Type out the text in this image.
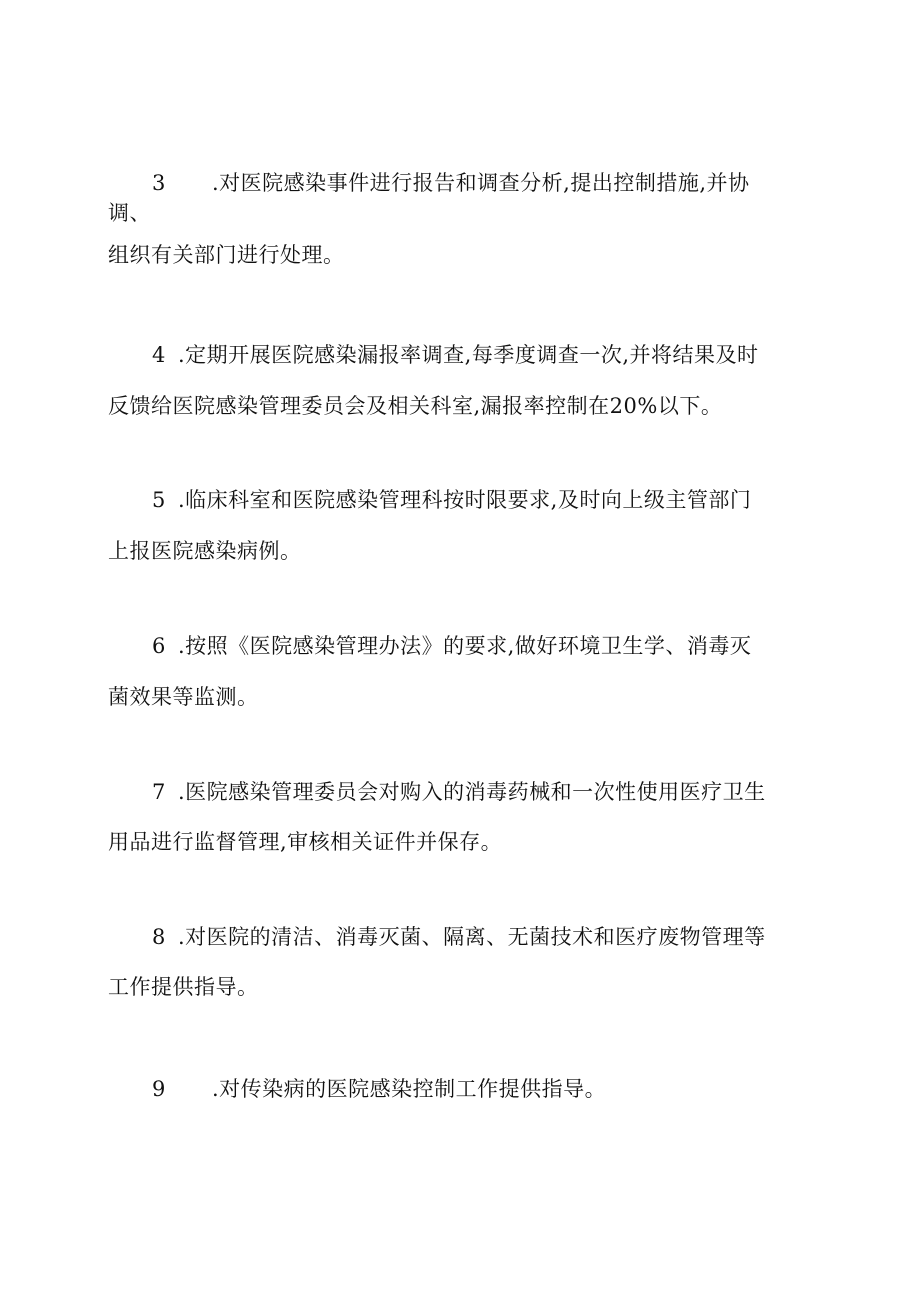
3 .对医院感染事件进行报告和调查分析,提出控制措施,并协
调、
组织有关部门进行处理。
4 .定期开展医院感染漏报率调查,每季度调查一次,并将结果及时
反馈给医院感染管理委员会及相关科室,漏报率控制在20%以下。
5 .临床科室和医院感染管理科按时限要求,及时向上级主管部门
上报医院感染病例。
6 .按照《医院感染管理办法》的要求,做好环境卫生学、消毒灭
菌效果等监测。
7 .医院感染管理委员会对购入的消毒药械和一次性使用医疗卫生
用品进行监督管理,审核相关证件并保存。
8 .对医院的清洁、消毒灭菌、隔离、无菌技术和医疗废物管理等
工作提供指导。
9 .对传染病的医院感染控制工作提供指导。
